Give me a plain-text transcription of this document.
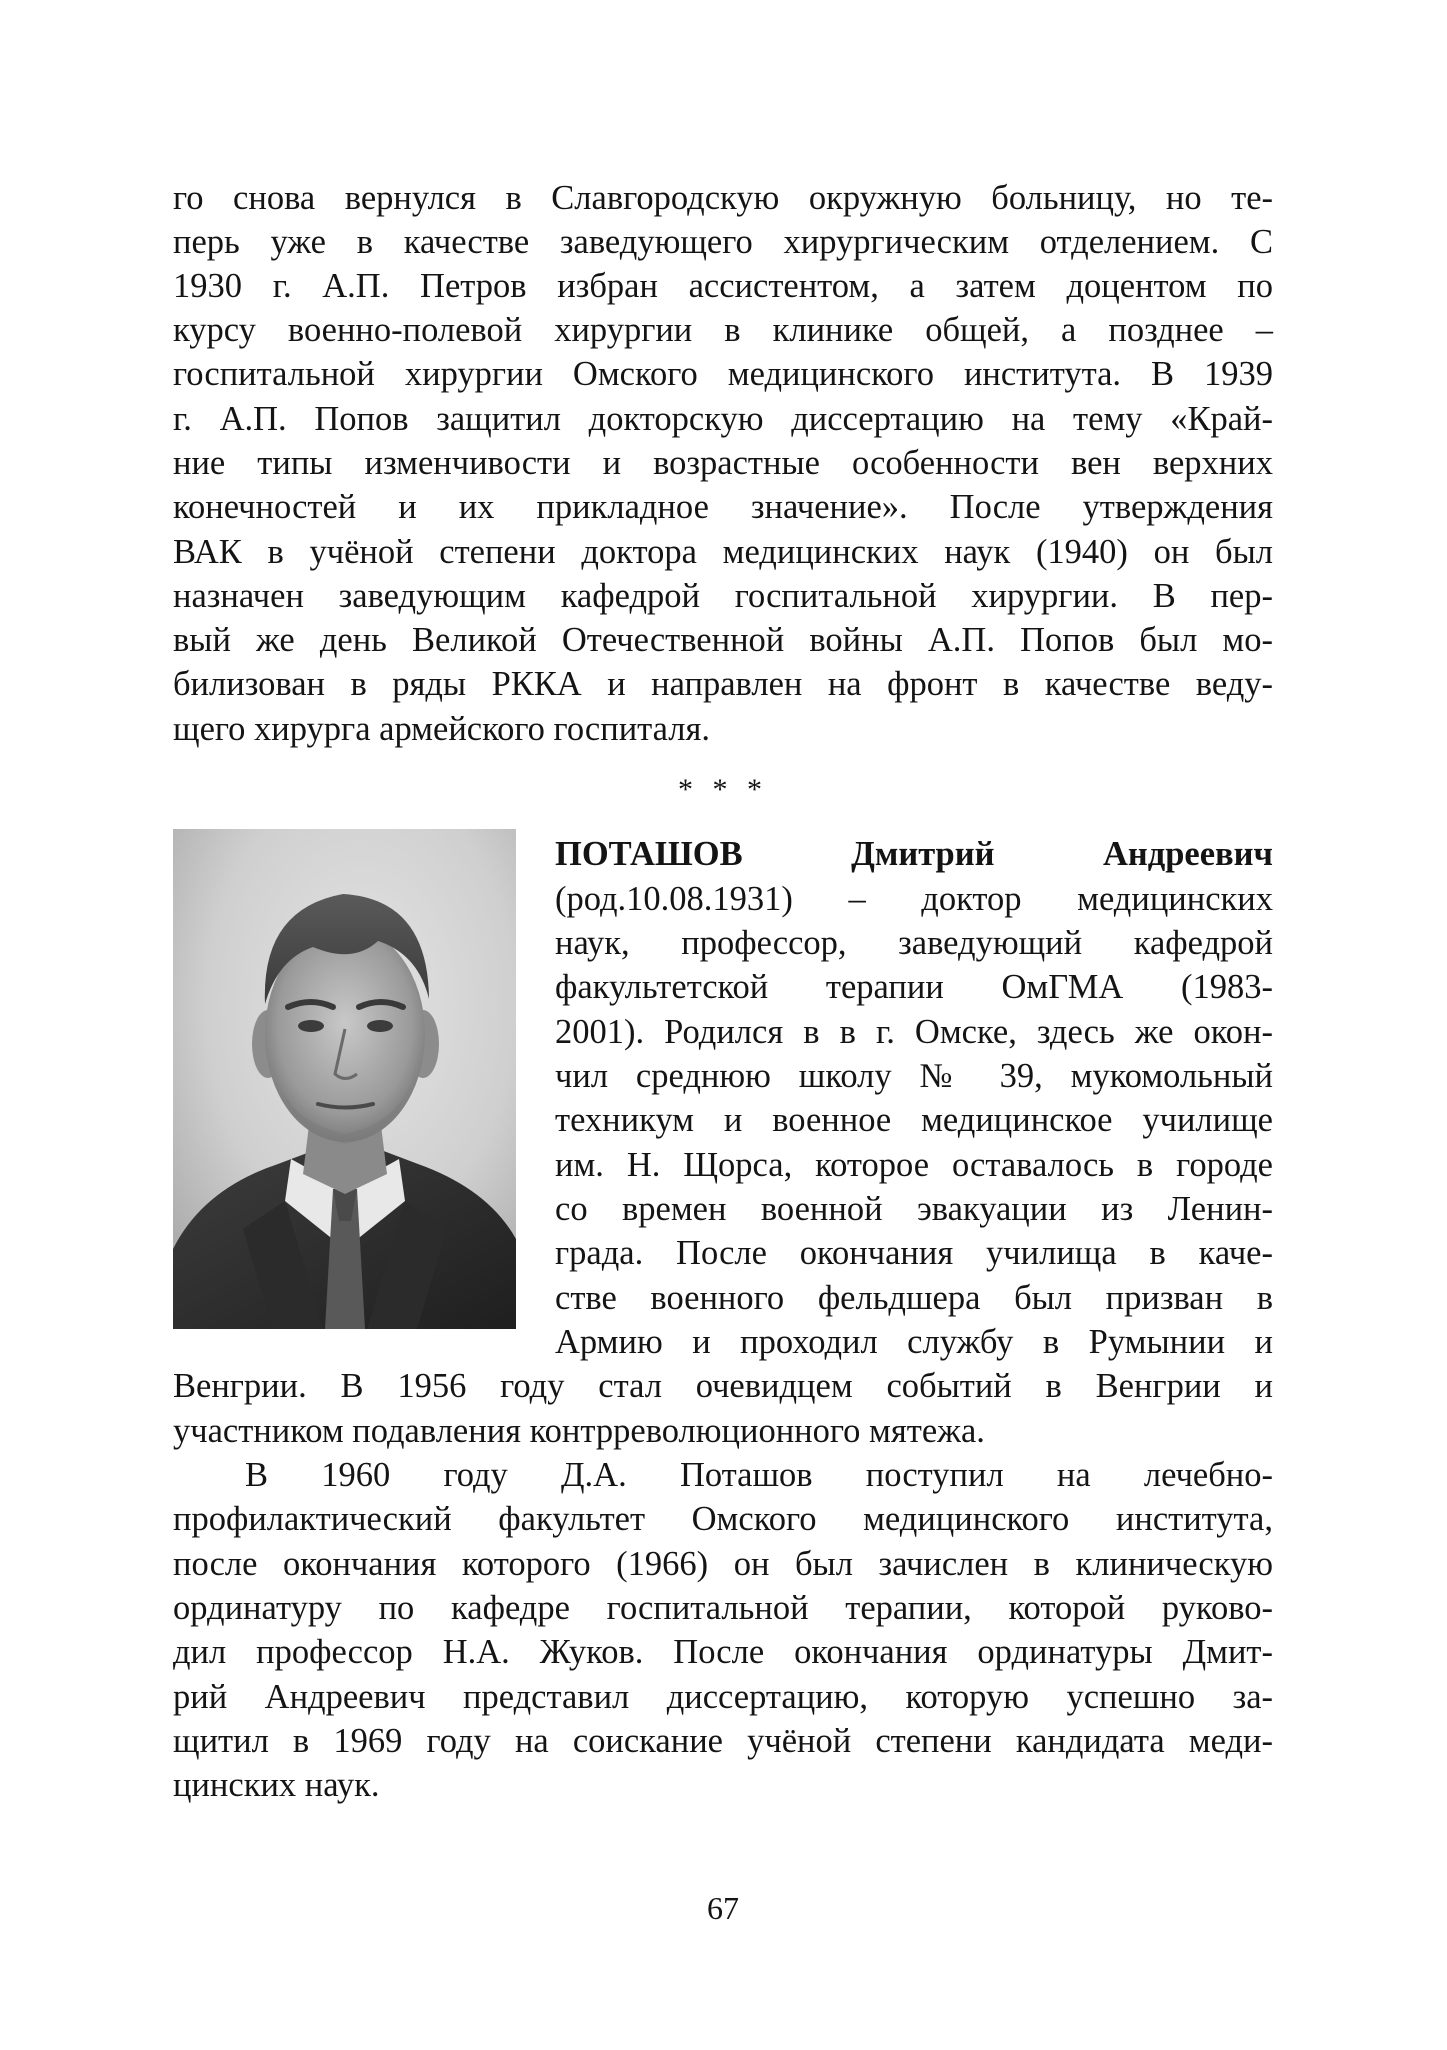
го снова вернулся в Славгородскую окружную больницу, но те-
перь уже в качестве заведующего хирургическим отделением. С
1930 г. А.П. Петров избран ассистентом, а затем доцентом по
курсу военно-полевой хирургии в клинике общей, а позднее –
госпитальной хирургии Омского медицинского института. В 1939
г. А.П. Попов защитил докторскую диссертацию на тему «Край-
ние типы изменчивости и возрастные особенности вен верхних
конечностей и их прикладное значение». После утверждения
ВАК в учёной степени доктора медицинских наук (1940) он был
назначен заведующим кафедрой госпитальной хирургии. В пер-
вый же день Великой Отечественной войны А.П. Попов был мо-
билизован в ряды РККА и направлен на фронт в качестве веду-
щего хирурга армейского госпиталя.
* * *
ПОТАШОВ Дмитрий Андреевич
(род.10.08.1931) – доктор медицинских
наук, профессор, заведующий кафедрой
факультетской терапии ОмГМА (1983-
2001). Родился в в г. Омске, здесь же окон-
чил среднюю школу № 39, мукомольный
техникум и военное медицинское училище
им. Н. Щорса, которое оставалось в городе
со времен военной эвакуации из Ленин-
града. После окончания училища в каче-
стве военного фельдшера был призван в
Армию и проходил службу в Румынии и
Венгрии. В 1956 году стал очевидцем событий в Венгрии и
участником подавления контрреволюционного мятежа.
В 1960 году Д.А. Поташов поступил на лечебно-
профилактический факультет Омского медицинского института,
после окончания которого (1966) он был зачислен в клиническую
ординатуру по кафедре госпитальной терапии, которой руково-
дил профессор Н.А. Жуков. После окончания ординатуры Дмит-
рий Андреевич представил диссертацию, которую успешно за-
щитил в 1969 году на соискание учёной степени кандидата меди-
цинских наук.
67
